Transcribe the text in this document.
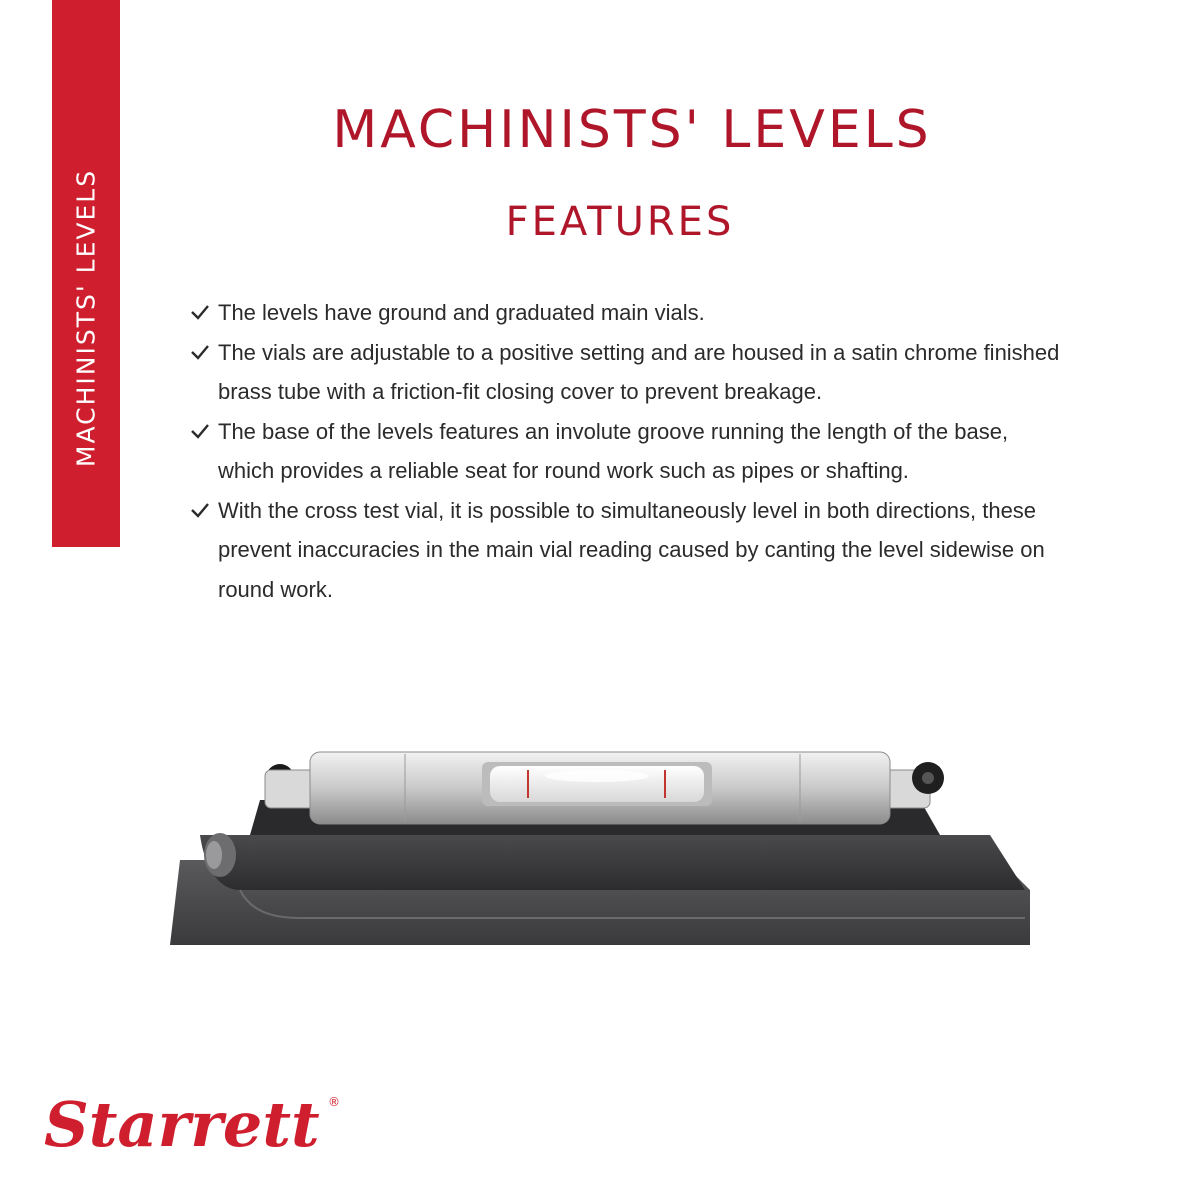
MACHINISTS' LEVELS
MACHINISTS' LEVELS
FEATURES
The levels have ground and graduated main vials.
The vials are adjustable to a positive setting and are housed in a satin chrome finished brass tube with a friction-fit closing cover to prevent breakage.
The base of the levels features an involute groove running the length of the base, which provides a reliable seat for round work such as pipes or shafting.
With the cross test vial, it is possible to simultaneously level in both directions, these prevent inaccuracies in the main vial reading caused by canting the level sidewise on round work.
Starrett ®
